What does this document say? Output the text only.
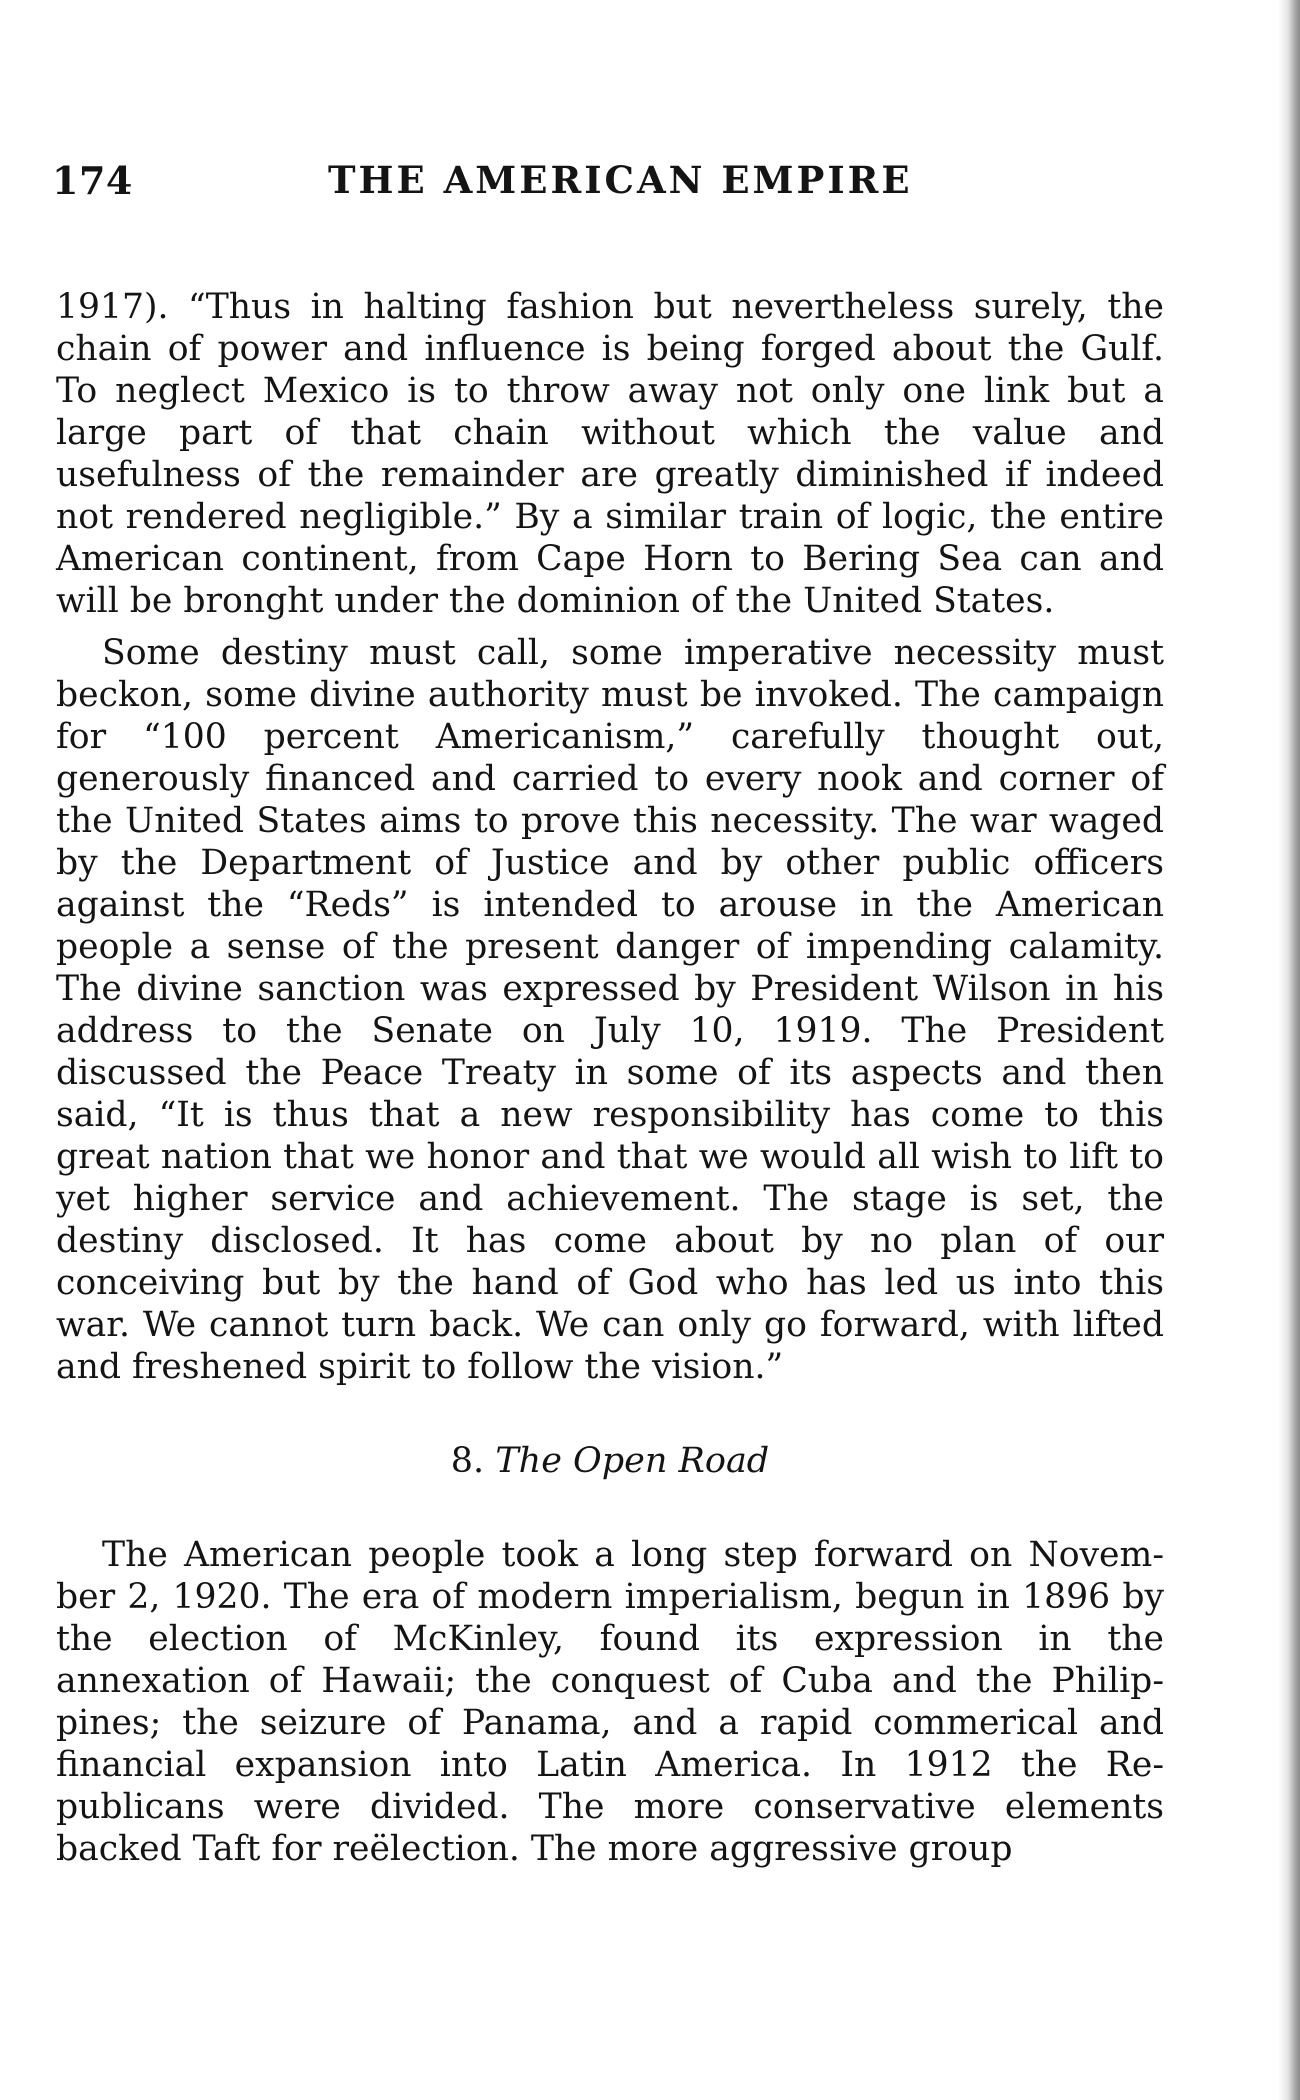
174	THE AMERICAN EMPIRE

1917). “Thus in halting fashion but nevertheless surely, the chain of power and influence is being forged about the Gulf. To neglect Mexico is to throw away not only one link but a large part of that chain without which the value and usefulness of the remainder are greatly diminished if indeed not rendered negligible.” By a similar train of logic, the entire American continent, from Cape Horn to Bering Sea can and will be bronght under the dominion of the United States.

Some destiny must call, some imperative necessity must beckon, some divine authority must be invoked. The campaign for “100 percent Americanism,” carefully thought out, generously financed and carried to every nook and corner of the United States aims to prove this necessity. The war waged by the Department of Justice and by other public officers against the “Reds” is intended to arouse in the American people a sense of the present danger of impending calamity. The divine sanction was expressed by President Wilson in his address to the Senate on July 10, 1919. The President discussed the Peace Treaty in some of its aspects and then said, “It is thus that a new responsibility has come to this great nation that we honor and that we would all wish to lift to yet higher service and achievement. The stage is set, the destiny disclosed. It has come about by no plan of our conceiving but by the hand of God who has led us into this war. We cannot turn back. We can only go forward, with lifted and freshened spirit to follow the vision.”

8. The Open Road

The American people took a long step forward on November 2, 1920. The era of modern imperialism, begun in 1896 by the election of McKinley, found its expression in the annexation of Hawaii; the conquest of Cuba and the Philippines; the seizure of Panama, and a rapid commerical and financial expansion into Latin America. In 1912 the Republicans were divided. The more conservative elements backed Taft for reëlection. The more aggressive group
